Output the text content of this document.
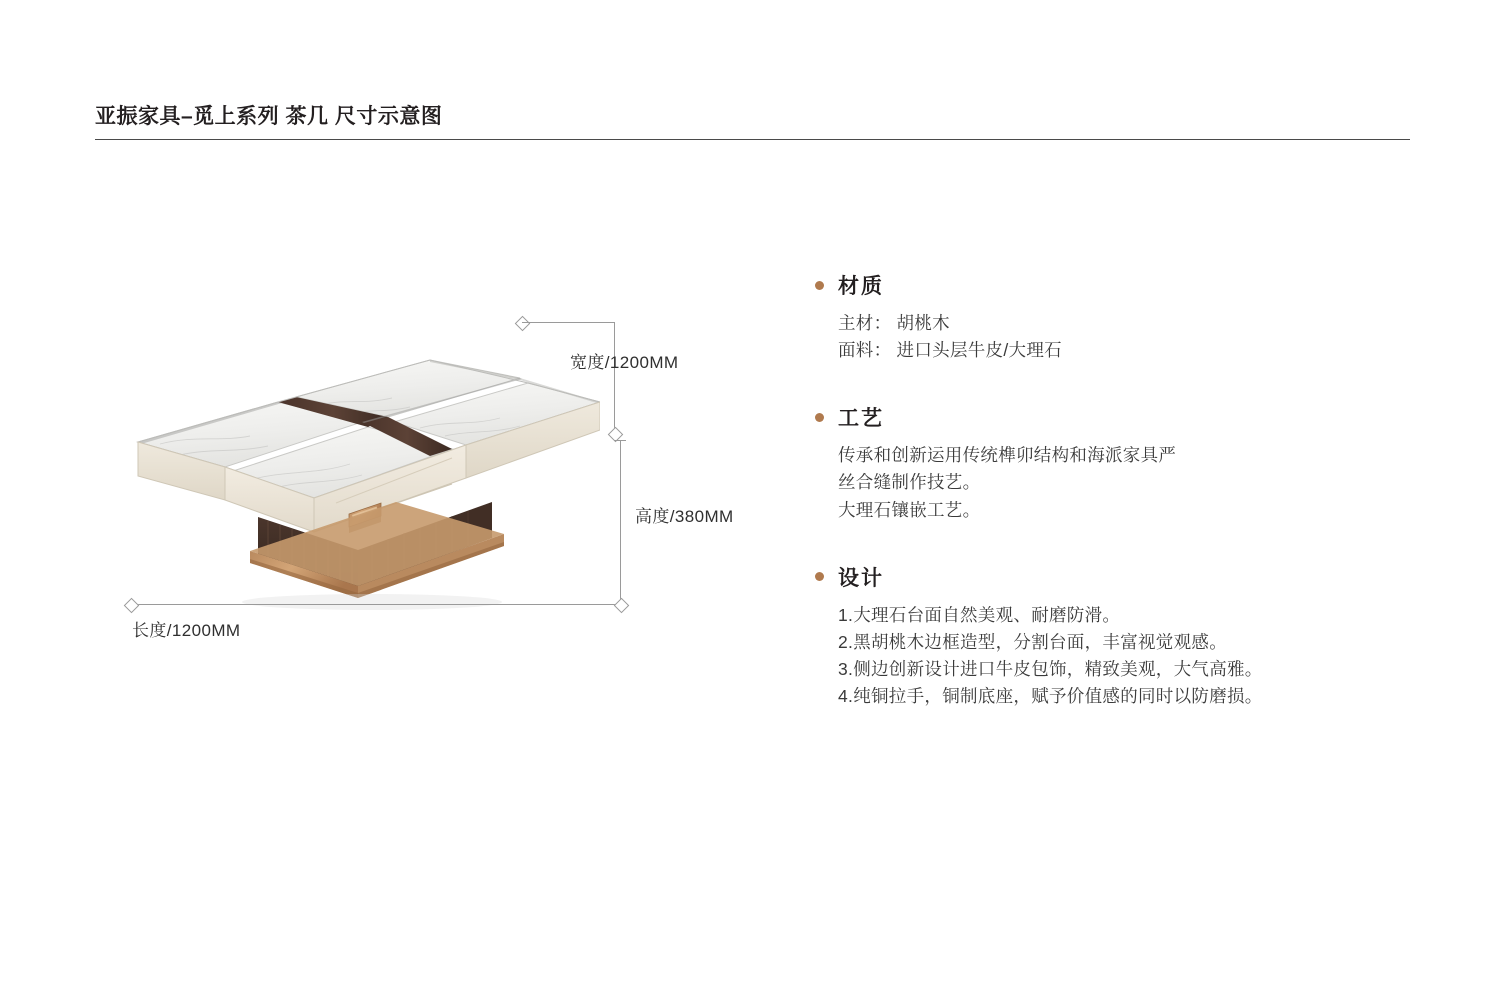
亚振家具–觅上系列 茶几 尺寸示意图
宽度/1200MM
高度/380MM
长度/1200MM
材质
主材： 胡桃木
面料： 进口头层牛皮/大理石
工艺
传承和创新运用传统榫卯结构和海派家具严
丝合缝制作技艺。
大理石镶嵌工艺。
设计
1.大理石台面自然美观、耐磨防滑。
2.黑胡桃木边框造型，分割台面，丰富视觉观感。
3.侧边创新设计进口牛皮包饰，精致美观，大气高雅。
4.纯铜拉手，铜制底座，赋予价值感的同时以防磨损。
